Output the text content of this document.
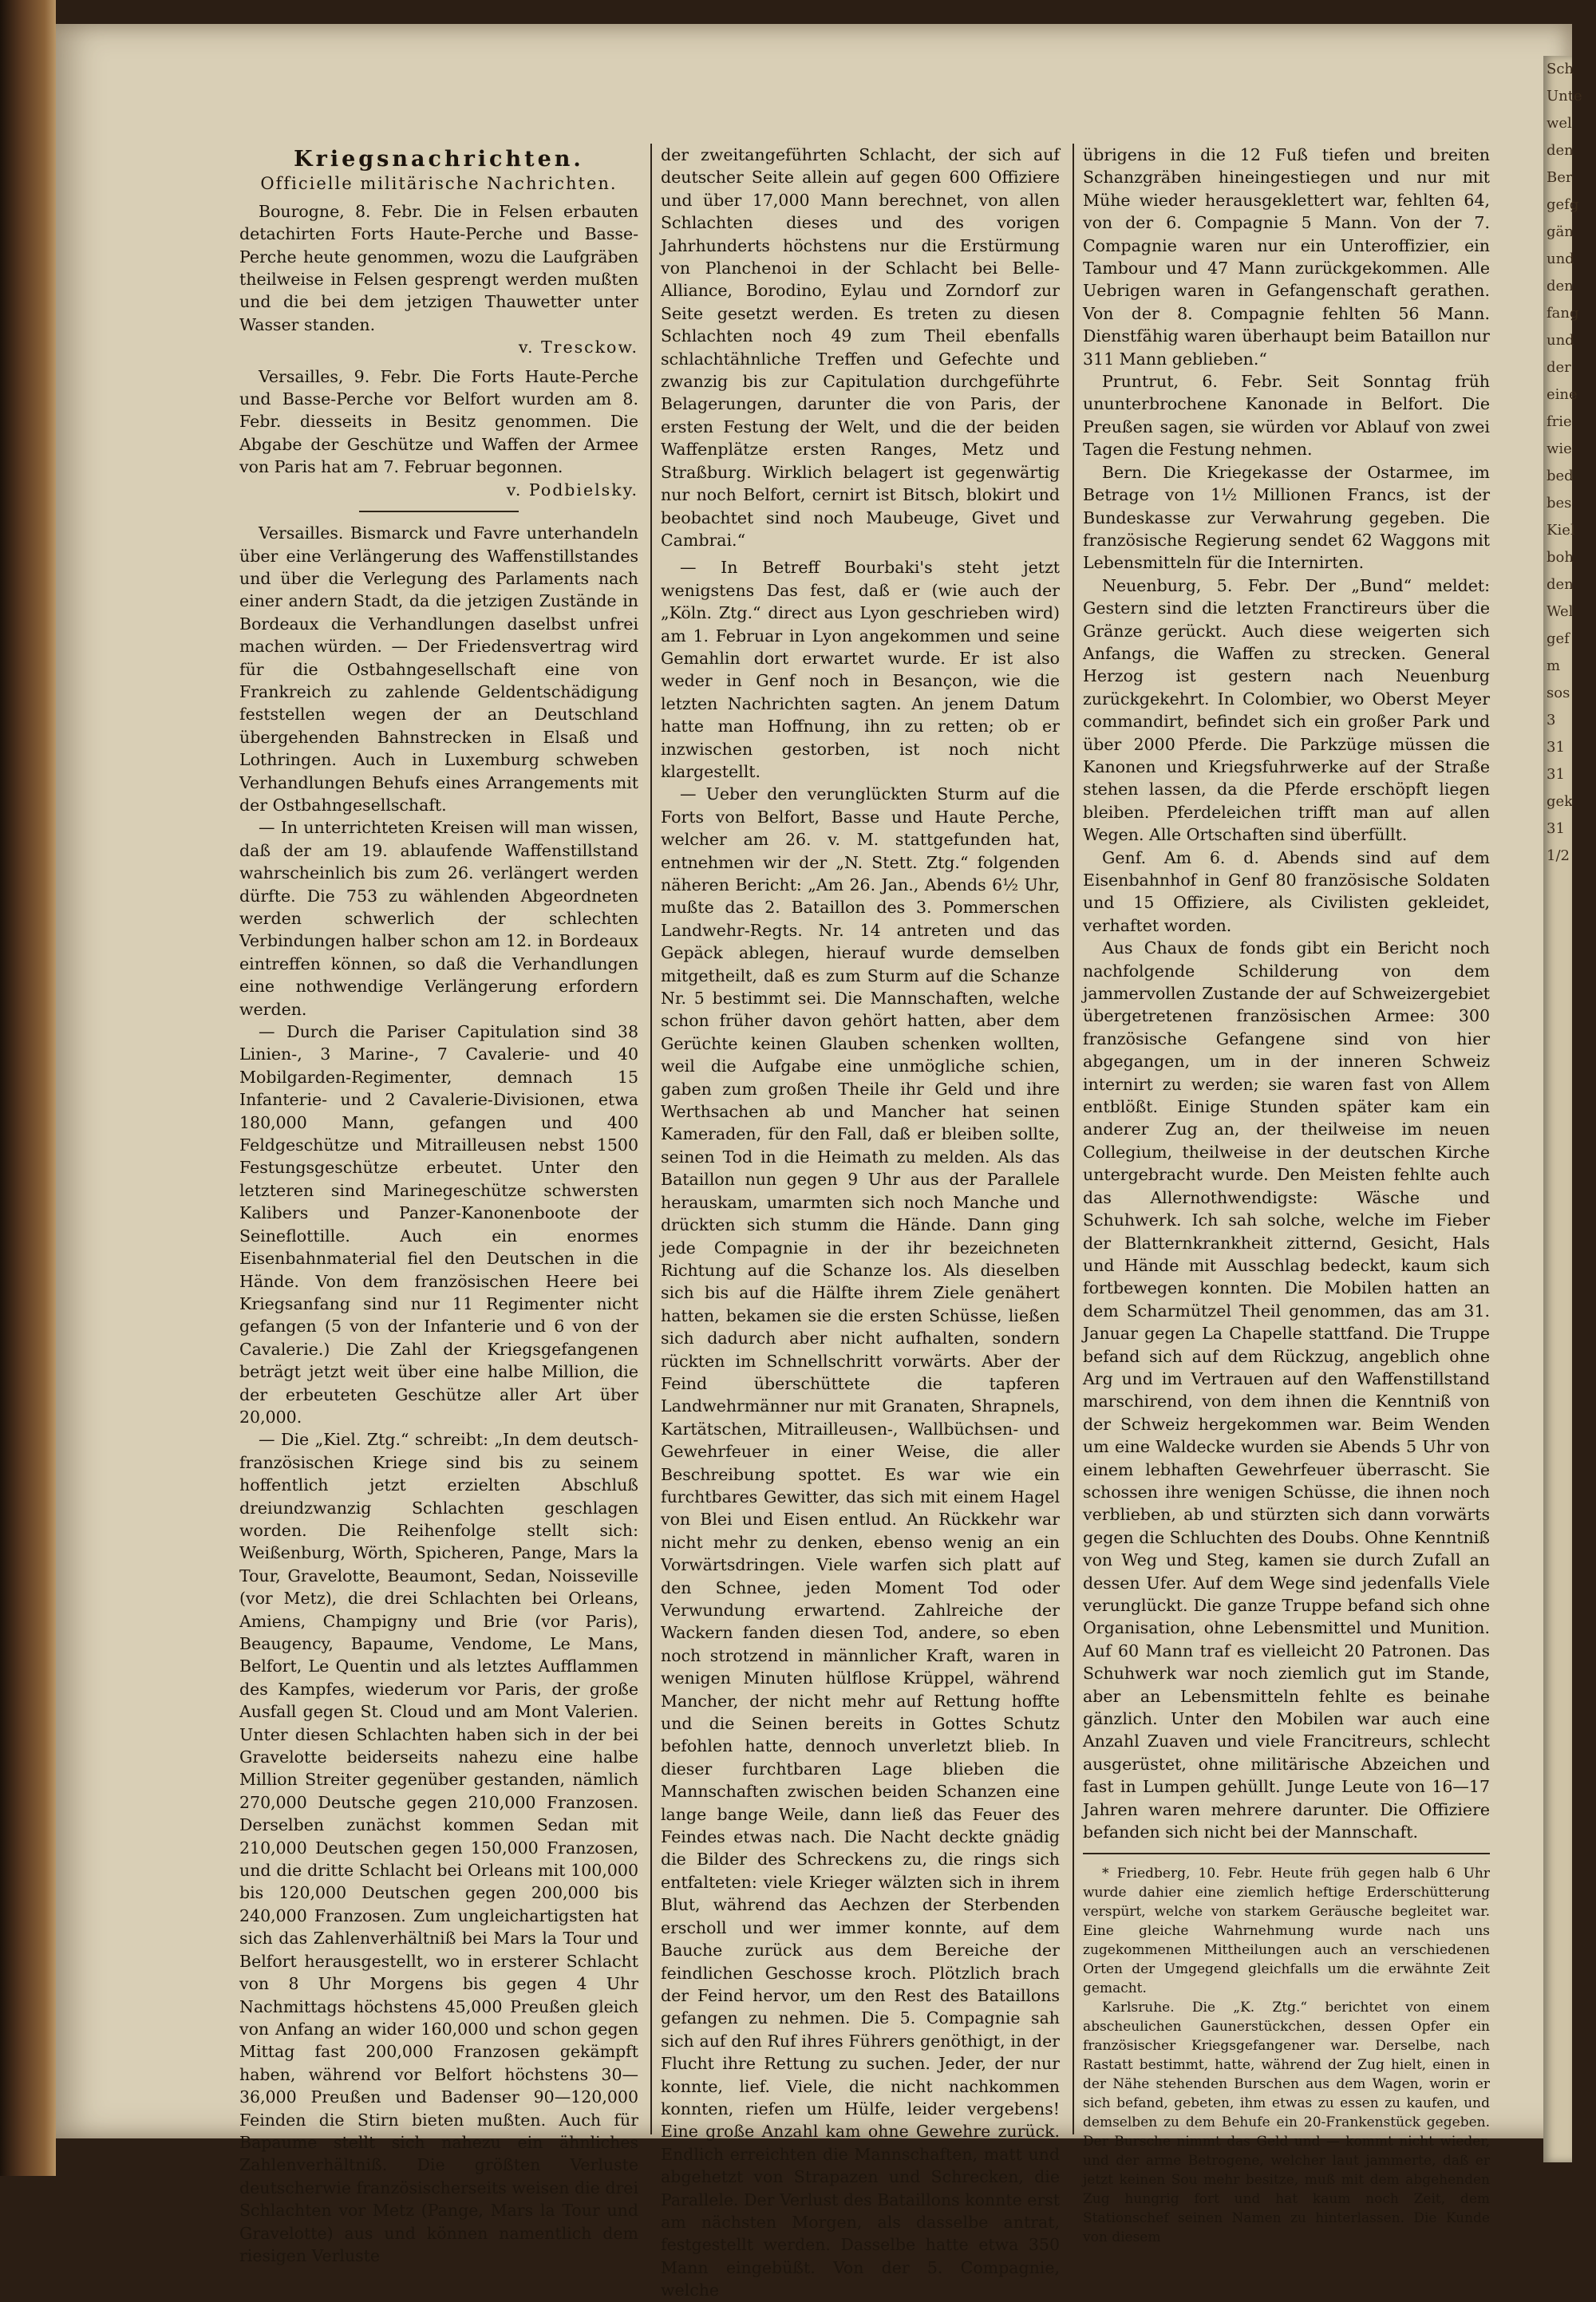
Sch
Unte
wel
den
Ber
gefg
gän
und
den
fang
und
der
eine
frie
wie
bed
bes
Kiel
boh
den
Wel
gef
m
sos
3
31
31
gek
31
1/2
Kriegsnachrichten.
Officielle militärische Nachrichten.

Bourogne, 8. Febr. Die in Felsen erbauten detachirten Forts Haute-Perche und Basse-Perche heute genommen, wozu die Laufgräben theilweise in Felsen gesprengt werden mußten und die bei dem jetzigen Thauwetter unter Wasser standen.

v. Tresckow.

Versailles, 9. Febr. Die Forts Haute-Perche und Basse-Perche vor Belfort wurden am 8. Febr. diesseits in Besitz genommen. Die Abgabe der Geschütze und Waffen der Armee von Paris hat am 7. Februar begonnen.

v. Podbielsky.

Versailles. Bismarck und Favre unterhandeln über eine Verlängerung des Waffenstillstandes und über die Verlegung des Parlaments nach einer andern Stadt, da die jetzigen Zustände in Bordeaux die Verhandlungen daselbst unfrei machen würden. — Der Friedensvertrag wird für die Ostbahngesellschaft eine von Frankreich zu zahlende Geldentschädigung feststellen wegen der an Deutschland übergehenden Bahnstrecken in Elsaß und Lothringen. Auch in Luxemburg schweben Verhandlungen Behufs eines Arrangements mit der Ostbahngesellschaft.

— In unterrichteten Kreisen will man wissen, daß der am 19. ablaufende Waffenstillstand wahrscheinlich bis zum 26. verlängert werden dürfte. Die 753 zu wählenden Abgeordneten werden schwerlich der schlechten Verbindungen halber schon am 12. in Bordeaux eintreffen können, so daß die Verhandlungen eine nothwendige Verlängerung erfordern werden.

— Durch die Pariser Capitulation sind 38 Linien-, 3 Marine-, 7 Cavalerie- und 40 Mobilgarden-Regimenter, demnach 15 Infanterie- und 2 Cavalerie-Divisionen, etwa 180,000 Mann, gefangen und 400 Feldgeschütze und Mitrailleusen nebst 1500 Festungsgeschütze erbeutet. Unter den letzteren sind Marinegeschütze schwersten Kalibers und Panzer-Kanonenboote der Seineflottille. Auch ein enormes Eisenbahnmaterial fiel den Deutschen in die Hände. Von dem französischen Heere bei Kriegsanfang sind nur 11 Regimenter nicht gefangen (5 von der Infanterie und 6 von der Cavalerie.) Die Zahl der Kriegsgefangenen beträgt jetzt weit über eine halbe Million, die der erbeuteten Geschütze aller Art über 20,000.

— Die „Kiel. Ztg.“ schreibt: „In dem deutsch-französischen Kriege sind bis zu seinem hoffentlich jetzt erzielten Abschluß dreiundzwanzig Schlachten geschlagen worden. Die Reihenfolge stellt sich: Weißenburg, Wörth, Spicheren, Pange, Mars la Tour, Gravelotte, Beaumont, Sedan, Noisseville (vor Metz), die drei Schlachten bei Orleans, Amiens, Champigny und Brie (vor Paris), Beaugency, Bapaume, Vendome, Le Mans, Belfort, Le Quentin und als letztes Aufflammen des Kampfes, wiederum vor Paris, der große Ausfall gegen St. Cloud und am Mont Valerien. Unter diesen Schlachten haben sich in der bei Gravelotte beiderseits nahezu eine halbe Million Streiter gegenüber gestanden, nämlich 270,000 Deutsche gegen 210,000 Franzosen. Derselben zunächst kommen Sedan mit 210,000 Deutschen gegen 150,000 Franzosen, und die dritte Schlacht bei Orleans mit 100,000 bis 120,000 Deutschen gegen 200,000 bis 240,000 Franzosen. Zum ungleichartigsten hat sich das Zahlenverhältniß bei Mars la Tour und Belfort herausgestellt, wo in ersterer Schlacht von 8 Uhr Morgens bis gegen 4 Uhr Nachmittags höchstens 45,000 Preußen gleich von Anfang an wider 160,000 und schon gegen Mittag fast 200,000 Franzosen gekämpft haben, während vor Belfort höchstens 30—36,000 Preußen und Badenser 90—120,000 Feinden die Stirn bieten mußten. Auch für Bapaume stellt sich nahezu ein ähnliches Zahlenverhältniß. Die größten Verluste deutscherwie französischerseits weisen die drei Schlachten vor Metz (Pange, Mars la Tour und Gravelotte) aus und können namentlich dem riesigen Verluste

der zweitangeführten Schlacht, der sich auf deutscher Seite allein auf gegen 600 Offiziere und über 17,000 Mann berechnet, von allen Schlachten dieses und des vorigen Jahrhunderts höchstens nur die Erstürmung von Planchenoi in der Schlacht bei Belle-Alliance, Borodino, Eylau und Zorndorf zur Seite gesetzt werden. Es treten zu diesen Schlachten noch 49 zum Theil ebenfalls schlachtähnliche Treffen und Gefechte und zwanzig bis zur Capitulation durchgeführte Belagerungen, darunter die von Paris, der ersten Festung der Welt, und die der beiden Waffenplätze ersten Ranges, Metz und Straßburg. Wirklich belagert ist gegenwärtig nur noch Belfort, cernirt ist Bitsch, blokirt und beobachtet sind noch Maubeuge, Givet und Cambrai.“

— In Betreff Bourbaki's steht jetzt wenigstens Das fest, daß er (wie auch der „Köln. Ztg.“ direct aus Lyon geschrieben wird) am 1. Februar in Lyon angekommen und seine Gemahlin dort erwartet wurde. Er ist also weder in Genf noch in Besançon, wie die letzten Nachrichten sagten. An jenem Datum hatte man Hoffnung, ihn zu retten; ob er inzwischen gestorben, ist noch nicht klargestellt.

— Ueber den verunglückten Sturm auf die Forts von Belfort, Basse und Haute Perche, welcher am 26. v. M. stattgefunden hat, entnehmen wir der „N. Stett. Ztg.“ folgenden näheren Bericht: „Am 26. Jan., Abends 6½ Uhr, mußte das 2. Bataillon des 3. Pommerschen Landwehr-Regts. Nr. 14 antreten und das Gepäck ablegen, hierauf wurde demselben mitgetheilt, daß es zum Sturm auf die Schanze Nr. 5 bestimmt sei. Die Mannschaften, welche schon früher davon gehört hatten, aber dem Gerüchte keinen Glauben schenken wollten, weil die Aufgabe eine unmögliche schien, gaben zum großen Theile ihr Geld und ihre Werthsachen ab und Mancher hat seinen Kameraden, für den Fall, daß er bleiben sollte, seinen Tod in die Heimath zu melden. Als das Bataillon nun gegen 9 Uhr aus der Parallele herauskam, umarmten sich noch Manche und drückten sich stumm die Hände. Dann ging jede Compagnie in der ihr bezeichneten Richtung auf die Schanze los. Als dieselben sich bis auf die Hälfte ihrem Ziele genähert hatten, bekamen sie die ersten Schüsse, ließen sich dadurch aber nicht aufhalten, sondern rückten im Schnellschritt vorwärts. Aber der Feind überschüttete die tapferen Landwehrmänner nur mit Granaten, Shrapnels, Kartätschen, Mitrailleusen-, Wallbüchsen- und Gewehrfeuer in einer Weise, die aller Beschreibung spottet. Es war wie ein furchtbares Gewitter, das sich mit einem Hagel von Blei und Eisen entlud. An Rückkehr war nicht mehr zu denken, ebenso wenig an ein Vorwärtsdringen. Viele warfen sich platt auf den Schnee, jeden Moment Tod oder Verwundung erwartend. Zahlreiche der Wackern fanden diesen Tod, andere, so eben noch strotzend in männlicher Kraft, waren in wenigen Minuten hülflose Krüppel, während Mancher, der nicht mehr auf Rettung hoffte und die Seinen bereits in Gottes Schutz befohlen hatte, dennoch unverletzt blieb. In dieser furchtbaren Lage blieben die Mannschaften zwischen beiden Schanzen eine lange bange Weile, dann ließ das Feuer des Feindes etwas nach. Die Nacht deckte gnädig die Bilder des Schreckens zu, die rings sich entfalteten: viele Krieger wälzten sich in ihrem Blut, während das Aechzen der Sterbenden erscholl und wer immer konnte, auf dem Bauche zurück aus dem Bereiche der feindlichen Geschosse kroch. Plötzlich brach der Feind hervor, um den Rest des Bataillons gefangen zu nehmen. Die 5. Compagnie sah sich auf den Ruf ihres Führers genöthigt, in der Flucht ihre Rettung zu suchen. Jeder, der nur konnte, lief. Viele, die nicht nachkommen konnten, riefen um Hülfe, leider vergebens! Eine große Anzahl kam ohne Gewehre zurück. Endlich erreichten die Mannschaften, matt und abgehetzt von Strapazen und Schrecken, die Parallele. Der Verlust des Bataillons konnte erst am nächsten Morgen, als dasselbe antrat, festgestellt werden. Dasselbe hatte etwa 350 Mann eingebüßt. Von der 5. Compagnie, welche

übrigens in die 12 Fuß tiefen und breiten Schanzgräben hineingestiegen und nur mit Mühe wieder herausgeklettert war, fehlten 64, von der 6. Compagnie 5 Mann. Von der 7. Compagnie waren nur ein Unteroffizier, ein Tambour und 47 Mann zurückgekommen. Alle Uebrigen waren in Gefangenschaft gerathen. Von der 8. Compagnie fehlten 56 Mann. Dienstfähig waren überhaupt beim Bataillon nur 311 Mann geblieben.“

Pruntrut, 6. Febr. Seit Sonntag früh ununterbrochene Kanonade in Belfort. Die Preußen sagen, sie würden vor Ablauf von zwei Tagen die Festung nehmen.

Bern. Die Kriegekasse der Ostarmee, im Betrage von 1½ Millionen Francs, ist der Bundeskasse zur Verwahrung gegeben. Die französische Regierung sendet 62 Waggons mit Lebensmitteln für die Internirten.

Neuenburg, 5. Febr. Der „Bund“ meldet: Gestern sind die letzten Franctireurs über die Gränze gerückt. Auch diese weigerten sich Anfangs, die Waffen zu strecken. General Herzog ist gestern nach Neuenburg zurückgekehrt. In Colombier, wo Oberst Meyer commandirt, befindet sich ein großer Park und über 2000 Pferde. Die Parkzüge müssen die Kanonen und Kriegsfuhrwerke auf der Straße stehen lassen, da die Pferde erschöpft liegen bleiben. Pferdeleichen trifft man auf allen Wegen. Alle Ortschaften sind überfüllt.

Genf. Am 6. d. Abends sind auf dem Eisenbahnhof in Genf 80 französische Soldaten und 15 Offiziere, als Civilisten gekleidet, verhaftet worden.

Aus Chaux de fonds gibt ein Bericht noch nachfolgende Schilderung von dem jammervollen Zustande der auf Schweizergebiet übergetretenen französischen Armee: 300 französische Gefangene sind von hier abgegangen, um in der inneren Schweiz internirt zu werden; sie waren fast von Allem entblößt. Einige Stunden später kam ein anderer Zug an, der theilweise im neuen Collegium, theilweise in der deutschen Kirche untergebracht wurde. Den Meisten fehlte auch das Allernothwendigste: Wäsche und Schuhwerk. Ich sah solche, welche im Fieber der Blatternkrankheit zitternd, Gesicht, Hals und Hände mit Ausschlag bedeckt, kaum sich fortbewegen konnten. Die Mobilen hatten an dem Scharmützel Theil genommen, das am 31. Januar gegen La Chapelle stattfand. Die Truppe befand sich auf dem Rückzug, angeblich ohne Arg und im Vertrauen auf den Waffenstillstand marschirend, von dem ihnen die Kenntniß von der Schweiz hergekommen war. Beim Wenden um eine Waldecke wurden sie Abends 5 Uhr von einem lebhaften Gewehrfeuer überrascht. Sie schossen ihre wenigen Schüsse, die ihnen noch verblieben, ab und stürzten sich dann vorwärts gegen die Schluchten des Doubs. Ohne Kenntniß von Weg und Steg, kamen sie durch Zufall an dessen Ufer. Auf dem Wege sind jedenfalls Viele verunglückt. Die ganze Truppe befand sich ohne Organisation, ohne Lebensmittel und Munition. Auf 60 Mann traf es vielleicht 20 Patronen. Das Schuhwerk war noch ziemlich gut im Stande, aber an Lebensmitteln fehlte es beinahe gänzlich. Unter den Mobilen war auch eine Anzahl Zuaven und viele Francitreurs, schlecht ausgerüstet, ohne militärische Abzeichen und fast in Lumpen gehüllt. Junge Leute von 16—17 Jahren waren mehrere darunter. Die Offiziere befanden sich nicht bei der Mannschaft.

* Friedberg, 10. Febr. Heute früh gegen halb 6 Uhr wurde dahier eine ziemlich heftige Erderschütterung verspürt, welche von starkem Geräusche begleitet war. Eine gleiche Wahrnehmung wurde nach uns zugekommenen Mittheilungen auch an verschiedenen Orten der Umgegend gleichfalls um die erwähnte Zeit gemacht.

Karlsruhe. Die „K. Ztg.“ berichtet von einem abscheulichen Gaunerstückchen, dessen Opfer ein französischer Kriegsgefangener war. Derselbe, nach Rastatt bestimmt, hatte, während der Zug hielt, einen in der Nähe stehenden Burschen aus dem Wagen, worin er sich befand, gebeten, ihm etwas zu essen zu kaufen, und demselben zu dem Behufe ein 20-Frankenstück gegeben. Der Bursche nimmt das Geld und — kommt nicht wieder, und der arme Betrogene, welcher laut jammerte, daß er jetzt keinen Sou mehr besitze, muß mit dem abgehenden Zug hungrig fort und hat kaum noch Zeit, dem Stationschef seinen Namen zu hinterlassen. Die Kunde von diesem
